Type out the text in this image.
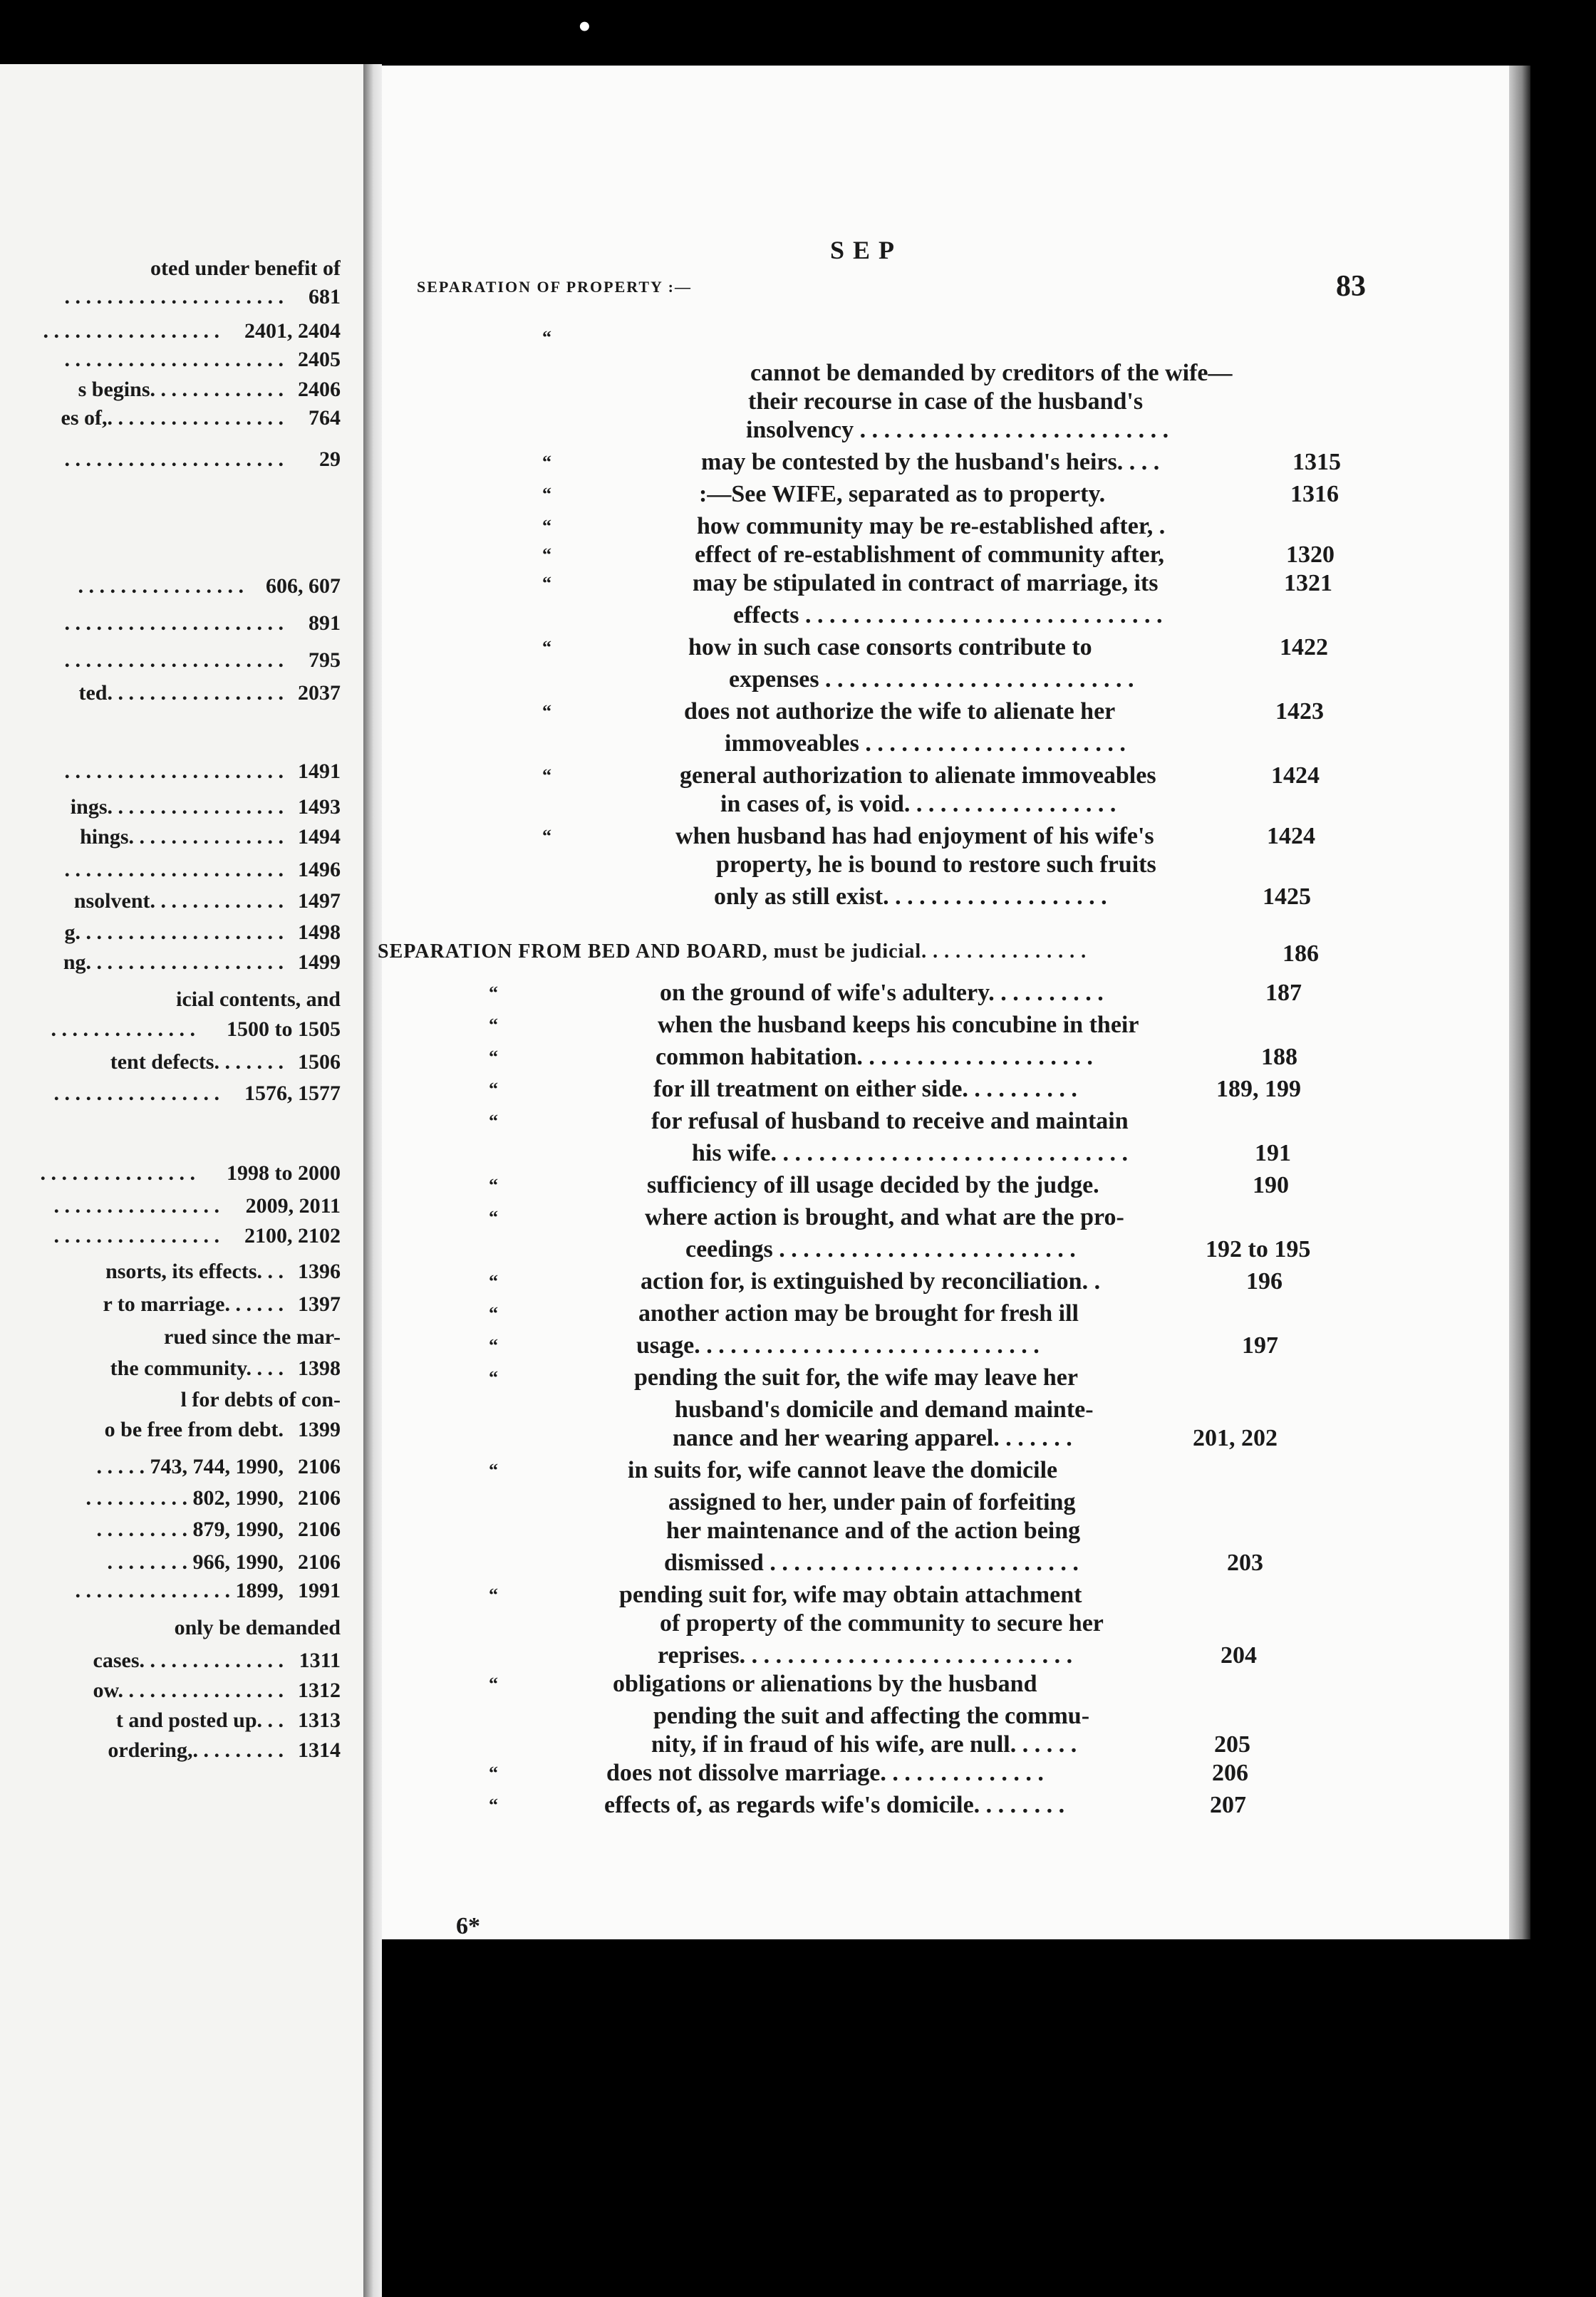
•
oted under benefit of
. . . . . . . . . . . . . . . . . . . . . 681
. . . . . . . . . . . . . . . . . 2401, 2404
. . . . . . . . . . . . . . . . . . . . . 2405
s begins. . . . . . . . . . . . . 2406
es of,. . . . . . . . . . . . . . . . . 764
. . . . . . . . . . . . . . . . . . . . . 29
. . . . . . . . . . . . . . . . 606, 607
. . . . . . . . . . . . . . . . . . . . . 891
. . . . . . . . . . . . . . . . . . . . . 795
ted. . . . . . . . . . . . . . . . . 2037
. . . . . . . . . . . . . . . . . . . . . 1491
ings. . . . . . . . . . . . . . . . . 1493
hings. . . . . . . . . . . . . . . 1494
. . . . . . . . . . . . . . . . . . . . . 1496
nsolvent. . . . . . . . . . . . . 1497
g. . . . . . . . . . . . . . . . . . . . 1498
ng. . . . . . . . . . . . . . . . . . . 1499
icial contents, and
. . . . . . . . . . . . . . 1500 to 1505
tent defects. . . . . . . 1506
. . . . . . . . . . . . . . . . 1576, 1577
. . . . . . . . . . . . . . . 1998 to 2000
. . . . . . . . . . . . . . . . 2009, 2011
. . . . . . . . . . . . . . . . 2100, 2102
nsorts, its effects. . . 1396
r to marriage. . . . . . 1397
rued since the mar-
the community. . . . 1398
l for debts of con-
o be free from debt. 1399
. . . . . 743, 744, 1990, 2106
. . . . . . . . . . 802, 1990, 2106
. . . . . . . . . 879, 1990, 2106
. . . . . . . . 966, 1990, 2106
. . . . . . . . . . . . . . . 1899, 1991
only be demanded
cases. . . . . . . . . . . . . . 1311
ow. . . . . . . . . . . . . . . . 1312
t and posted up. . . 1313
ordering,. . . . . . . . . 1314
SEP
83
6*
SEPARATION OF PROPERTY :—
“
cannot be demanded by creditors of the wife—
their recourse in case of the husband's
insolvency . . . . . . . . . . . . . . . . . . . . . . . . . .
“	may be contested by the husband's heirs. . . .	1315
“	:—See WIFE, separated as to property.	1316
“	how community may be re-established after, .
“	effect of re-establishment of community after,	1320
“	may be stipulated in contract of marriage, its	1321
effects . . . . . . . . . . . . . . . . . . . . . . . . . . . . . .
“	how in such case consorts contribute to	1422
expenses . . . . . . . . . . . . . . . . . . . . . . . . . .
“	does not authorize the wife to alienate her	1423
immoveables . . . . . . . . . . . . . . . . . . . . . .
“	general authorization to alienate immoveables	1424
in cases of, is void. . . . . . . . . . . . . . . . . .
“	when husband has had enjoyment of his wife's	1424
property, he is bound to restore such fruits
only as still exist. . . . . . . . . . . . . . . . . . .	1425
SEPARATION FROM BED AND BOARD, must be judicial. . . . . . . . . . . . . . .	186
“	on the ground of wife's adultery. . . . . . . . . .	187
“	when the husband keeps his concubine in their
“	common habitation. . . . . . . . . . . . . . . . . . . .	188
“	for ill treatment on either side. . . . . . . . . .	189, 199
“	for refusal of husband to receive and maintain
his wife. . . . . . . . . . . . . . . . . . . . . . . . . . . . . .	191
“	sufficiency of ill usage decided by the judge.	190
“	where action is brought, and what are the pro-
ceedings . . . . . . . . . . . . . . . . . . . . . . . . .	192 to 195
“	action for, is extinguished by reconciliation. .	196
“	another action may be brought for fresh ill
“	usage. . . . . . . . . . . . . . . . . . . . . . . . . . . . .	197
“	pending the suit for, the wife may leave her
husband's domicile and demand mainte-
nance and her wearing apparel. . . . . . .	201, 202
“	in suits for, wife cannot leave the domicile
assigned to her, under pain of forfeiting
her maintenance and of the action being
dismissed . . . . . . . . . . . . . . . . . . . . . . . . . .	203
“	pending suit for, wife may obtain attachment
of property of the community to secure her
reprises. . . . . . . . . . . . . . . . . . . . . . . . . . . .	204
“	obligations or alienations by the husband
pending the suit and affecting the commu-
nity, if in fraud of his wife, are null. . . . . .	205
“	does not dissolve marriage. . . . . . . . . . . . . .	206
“	effects of, as regards wife's domicile. . . . . . . .	207
